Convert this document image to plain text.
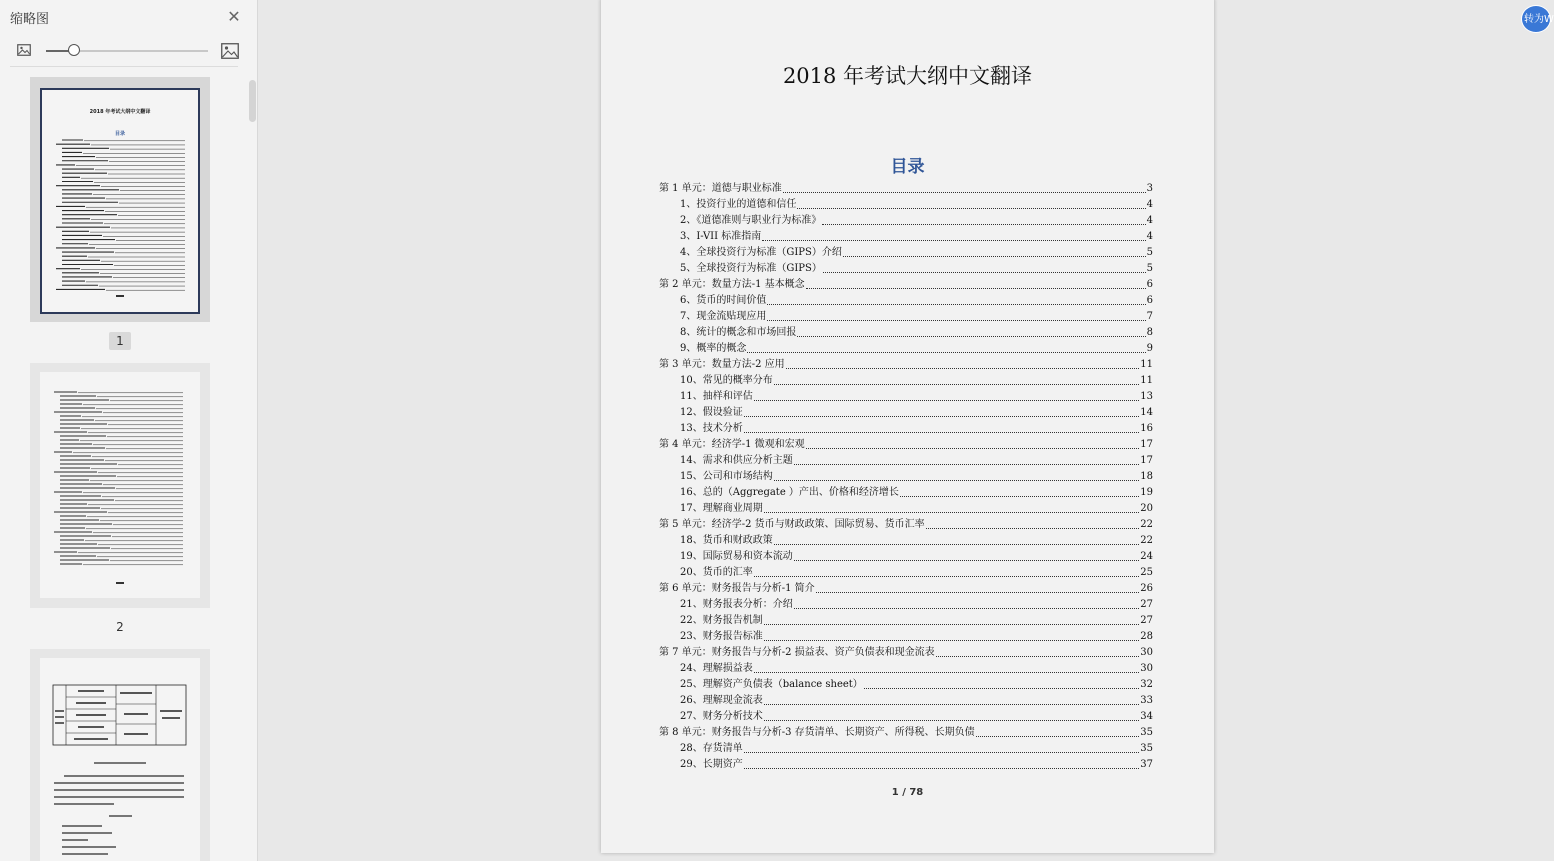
缩略图	✕
2018 年考试大纲中文翻译
目录
1
2
2018 年考试大纲中文翻译
目录
第 1 单元：道德与职业标准	3
1、投资行业的道德和信任	4
2、《道德准则与职业行为标准》	4
3、I-VII 标准指南	4
4、全球投资行为标准（GIPS）介绍	5
5、全球投资行为标准（GIPS）	5
第 2 单元：数量方法-1 基本概念	6
6、货币的时间价值	6
7、现金流贴现应用	7
8、统计的概念和市场回报	8
9、概率的概念	9
第 3 单元：数量方法-2 应用	11
10、常见的概率分布	11
11、抽样和评估	13
12、假设验证	14
13、技术分析	16
第 4 单元：经济学-1 微观和宏观	17
14、需求和供应分析主题	17
15、公司和市场结构	18
16、总的（Aggregate ）产出、价格和经济增长	19
17、理解商业周期	20
第 5 单元：经济学-2 货币与财政政策、国际贸易、货币汇率	22
18、货币和财政政策	22
19、国际贸易和资本流动	24
20、货币的汇率	25
第 6 单元：财务报告与分析-1 简介	26
21、财务报表分析：介绍	27
22、财务报告机制	27
23、财务报告标准	28
第 7 单元：财务报告与分析-2 损益表、资产负债表和现金流表	30
24、理解损益表	30
25、理解资产负债表（balance sheet）	32
26、理解现金流表	33
27、财务分析技术	34
第 8 单元：财务报告与分析-3 存货清单、长期资产、所得税、长期负债	35
28、存货清单	35
29、长期资产	37
1 / 78
转为W
